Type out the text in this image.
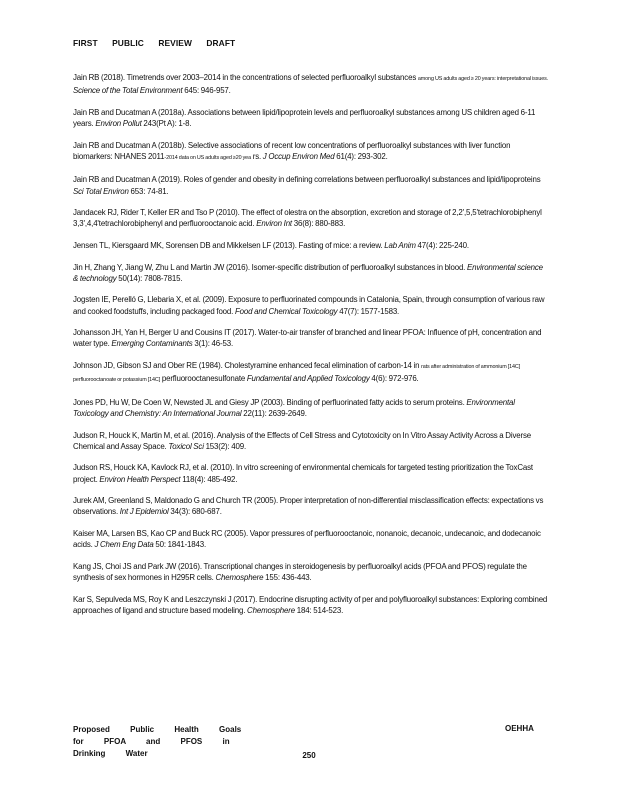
FIRST PUBLIC REVIEW DRAFT

Jain RB (2018). Timetrends over 2003–2014 in the concentrations of selected perfluoroalkyl substances among US adults aged ≥ 20 years: interpretational issues. Science of the Total Environment 645: 946-957.

Jain RB and Ducatman A (2018a). Associations between lipid/lipoprotein levels and perfluoroalkyl substances among US children aged 6-11 years. Environ Pollut 243(Pt A): 1-8.

Jain RB and Ducatman A (2018b). Selective associations of recent low concentrations of perfluoroalkyl substances with liver function biomarkers: NHANES 2011-2014 data on US adults aged ≥20 yea rs. J Occup Environ Med 61(4): 293-302.

Jain RB and Ducatman A (2019). Roles of gender and obesity in defining correlations between perfluoroalkyl substances and lipid/lipoproteins Sci Total Environ 653: 74-81.

Jandacek RJ, Rider T, Keller ER and Tso P (2010). The effect of olestra on the absorption, excretion and storage of 2,2',5,5'tetrachlorobiphenyl 3,3',4,4'tetrachlorobiphenyl and perfluorooctanoic acid. Environ Int 36(8): 880-883.

Jensen TL, Kiersgaard MK, Sorensen DB and Mikkelsen LF (2013). Fasting of mice: a review. Lab Anim 47(4): 225-240.

Jin H, Zhang Y, Jiang W, Zhu L and Martin JW (2016). Isomer-specific distribution of perfluoroalkyl substances in blood. Environmental science & technology 50(14): 7808-7815.

Jogsten IE, Perelló G, Llebaria X, et al. (2009). Exposure to perfluorinated compounds in Catalonia, Spain, through consumption of various raw and cooked foodstuffs, including packaged food. Food and Chemical Toxicology 47(7): 1577-1583.

Johansson JH, Yan H, Berger U and Cousins IT (2017). Water-to-air transfer of branched and linear PFOA: Influence of pH, concentration and water type. Emerging Contaminants 3(1): 46-53.

Johnson JD, Gibson SJ and Ober RE (1984). Cholestyramine enhanced fecal elimination of carbon-14 in rats after administration of ammonium [14C] perfluorooctanoate or potassium [14C] perfluorooctanesulfonate Fundamental and Applied Toxicology 4(6): 972-976.

Jones PD, Hu W, De Coen W, Newsted JL and Giesy JP (2003). Binding of perfluorinated fatty acids to serum proteins. Environmental Toxicology and Chemistry: An International Journal 22(11): 2639-2649.

Judson R, Houck K, Martin M, et al. (2016). Analysis of the Effects of Cell Stress and Cytotoxicity on In Vitro Assay Activity Across a Diverse Chemical and Assay Space. Toxicol Sci 153(2): 409.

Judson RS, Houck KA, Kavlock RJ, et al. (2010). In vitro screening of environmental chemicals for targeted testing prioritization the ToxCast project. Environ Health Perspect 118(4): 485-492.

Jurek AM, Greenland S, Maldonado G and Church TR (2005). Proper interpretation of non-differential misclassification effects: expectations vs observations. Int J Epidemiol 34(3): 680-687.

Kaiser MA, Larsen BS, Kao CP and Buck RC (2005). Vapor pressures of perfluorooctanoic, nonanoic, decanoic, undecanoic, and dodecanoic acids. J Chem Eng Data 50: 1841-1843.

Kang JS, Choi JS and Park JW (2016). Transcriptional changes in steroidogenesis by perfluoroalkyl acids (PFOA and PFOS) regulate the synthesis of sex hormones in H295R cells. Chemosphere 155: 436-443.

Kar S, Sepulveda MS, Roy K and Leszczynski J (2017). Endocrine disrupting activity of per and polyfluoroalkyl substances: Exploring combined approaches of ligand and structure based modeling. Chemosphere 184: 514-523.

Proposed Public Health Goals for PFOA and PFOS in Drinking Water
OEHHA
250
